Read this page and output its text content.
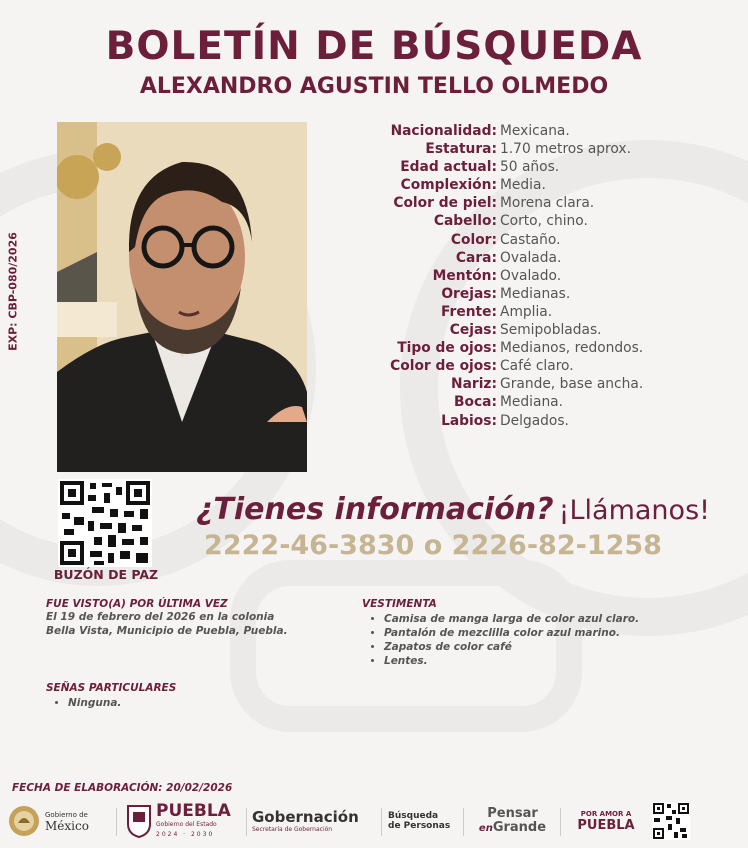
BOLETÍN DE BÚSQUEDA
ALEXANDRO AGUSTIN TELLO OLMEDO
EXP: CBP-080/2026
Nacionalidad: Mexicana.
Estatura: 1.70 metros aprox.
Edad actual: 50 años.
Complexión: Media.
Color de piel: Morena clara.
Cabello: Corto, chino.
Color: Castaño.
Cara: Ovalada.
Mentón: Ovalado.
Orejas: Medianas.
Frente: Amplia.
Cejas: Semipobladas.
Tipo de ojos: Medianos, redondos.
Color de ojos: Café claro.
Nariz: Grande, base ancha.
Boca: Mediana.
Labios: Delgados.
BUZÓN DE PAZ
¿Tienes información? ¡Llámanos!
2222-46-3830 o 2226-82-1258
FUE VISTO(A) POR ÚLTIMA VEZ
El 19 de febrero del 2026 en la colonia
Bella Vista, Municipio de Puebla, Puebla.
VESTIMENTA
• Camisa de manga larga de color azul claro.
• Pantalón de mezclilla color azul marino.
• Zapatos de color café
• Lentes.
SEÑAS PARTICULARES
• Ninguna.
FECHA DE ELABORACIÓN: 20/02/2026
Gobierno de
México
PUEBLA
Gobierno del Estado
2024 · 2030
Gobernación
Secretaría de Gobernación
Búsqueda
de Personas
Pensar
enGrande
POR AMOR A
PUEBLA
